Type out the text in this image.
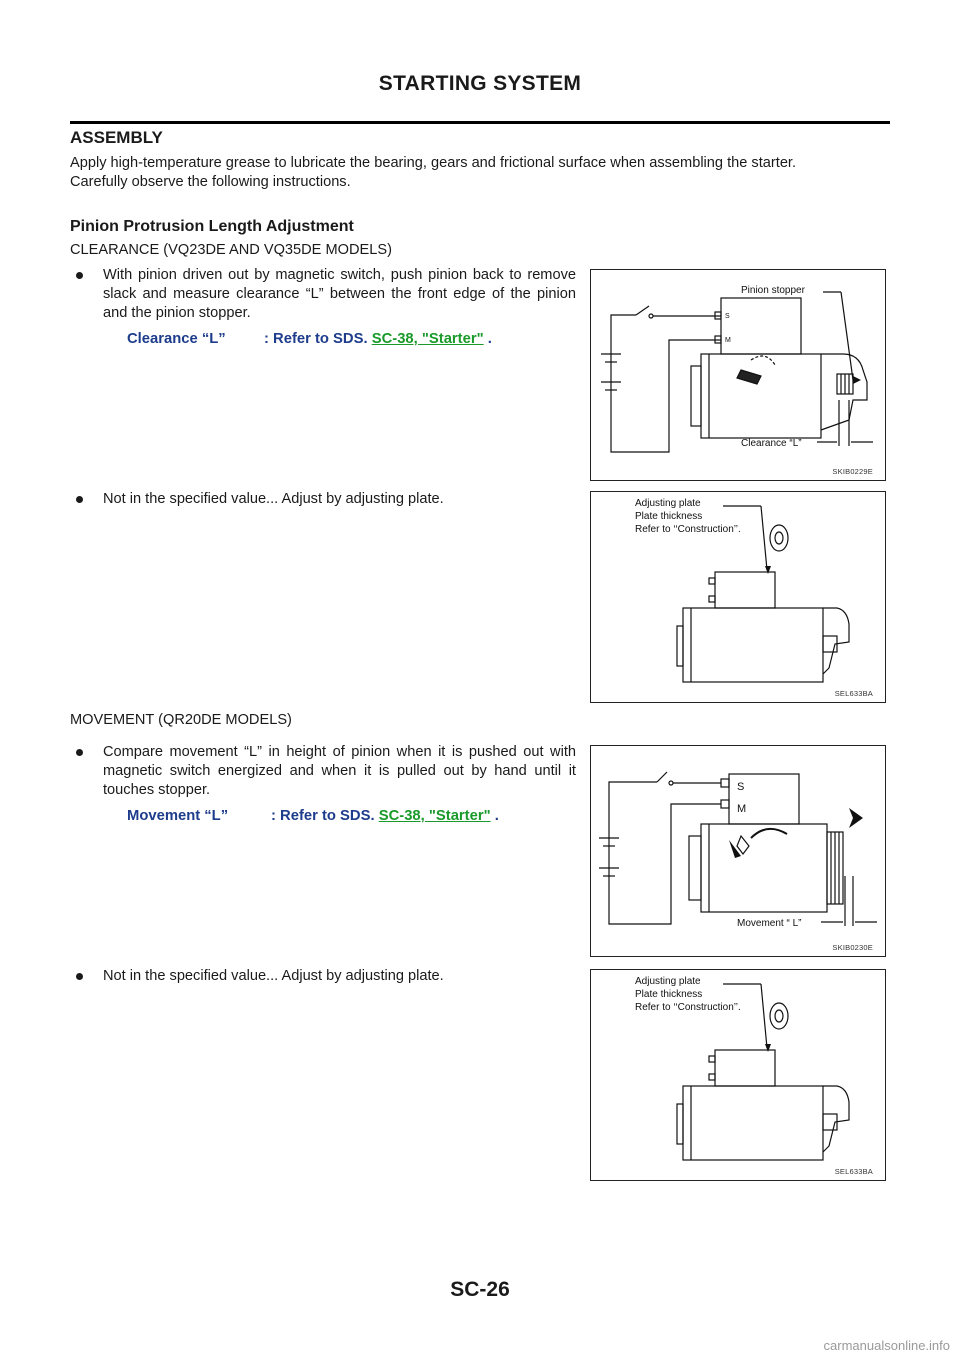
STARTING SYSTEM
ASSEMBLY

Apply high-temperature grease to lubricate the bearing, gears and frictional surface when assembling the starter.

Carefully observe the following instructions.

Pinion Protrusion Length Adjustment
CLEARANCE (VQ23DE AND VQ35DE MODELS)
With pinion driven out by magnetic switch, push pinion back to remove slack and measure clearance “L” between the front edge of the pinion and the pinion stopper.
Clearance “L”	: Refer to SDS. SC-38, "Starter" .
Not in the specified value... Adjust by adjusting plate.
MOVEMENT (QR20DE MODELS)
Compare movement “L” in height of pinion when it is pushed out with magnetic switch energized and when it is pulled out by hand until it touches stopper.
Movement “L”	: Refer to SDS. SC-38, "Starter" .
Not in the specified value... Adjust by adjusting plate.
Pinion stopper
Clearance “L”
S
M
SKIB0229E
Adjusting plate
Plate thickness
Refer to ‘‘Construction’’.
SEL633BA
S
M
Movement “ L”
SKIB0230E
Adjusting plate
Plate thickness
Refer to ‘‘Construction’’.
SEL633BA
SC-26
carmanualsonline.info
